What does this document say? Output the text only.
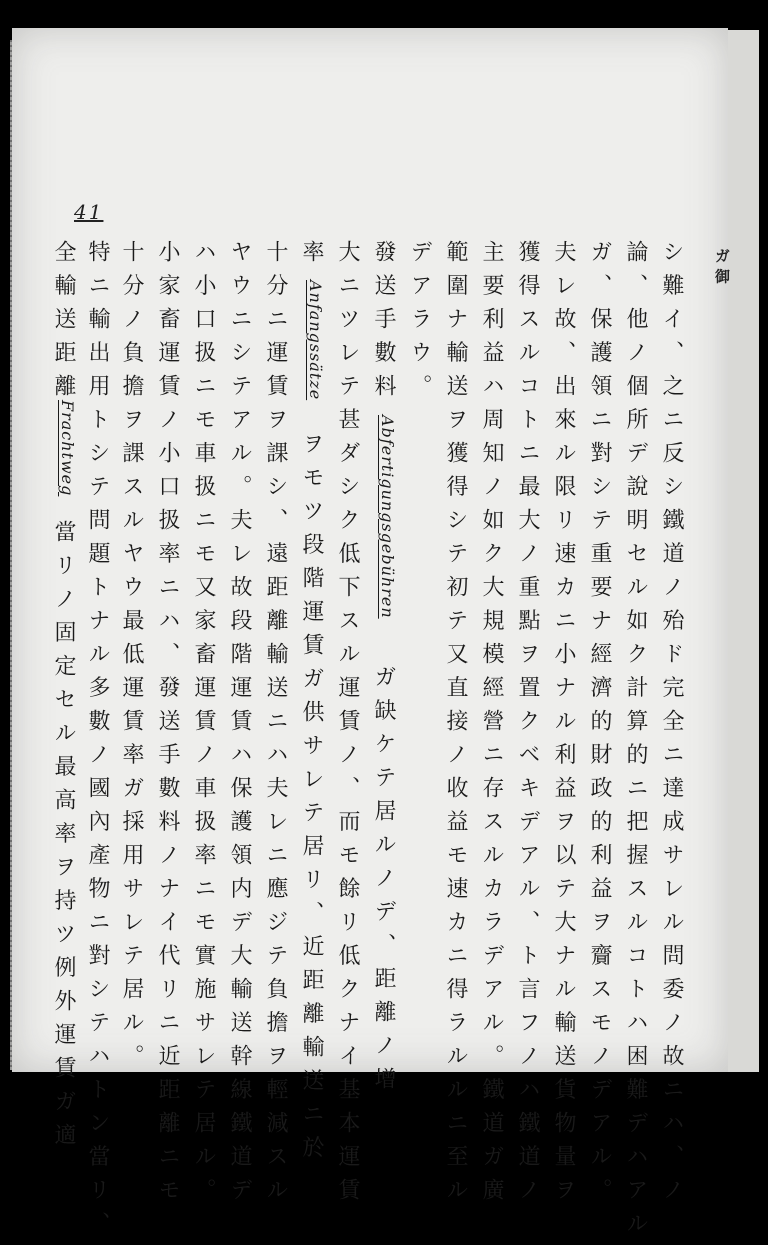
41
ガ 御
シ難イ、之ニ反シ鐵道ノ殆ド完全ニ達成サレル問委ノ故ニハ、ノ
論、他ノ個所デ說明セル如ク計算的ニ把握スルコトハ困難デハアル
ガ、保護領ニ對シテ重要ナ經濟的財政的利益ヲ齎スモノデアル。
夫レ故、出來ル限リ速カニ小ナル利益ヲ以テ大ナル輸送貨物量ヲ
獲得スルコトニ最大ノ重點ヲ置クベキデアル、ト言フノハ鐵道ノ
主要利益ハ周知ノ如ク大規模經營ニ存スルカラデアル。鐵道ガ廣
範圍ナ輸送ヲ獲得シテ初テ又直接ノ收益モ速カニ得ラルルニ至ル
デアラウ。
發送手數料
Abfertigungsgebühren
ガ缺ケテ居ルノデ、距離ノ增
大ニツレテ甚ダシク低下スル運賃ノ、而モ餘リ低クナイ基本運賃
率
Anfangssätze
ヲモツ段階運賃ガ供サレテ居リ、近距離輸送ニ於
十分ニ運賃ヲ課シ、遠距離輸送ニハ夫レニ應ジテ負擔ヲ輕減スル
ヤウニシテアル。夫レ故段階運賃ハ保護領内デ大輸送幹線鐵道デ
ハ小口扱ニモ車扱ニモ又家畜運賃ノ車扱率ニモ實施サレテ居ル。
小家畜運賃ノ小口扱率ニハ、發送手數料ノナイ代リニ近距離ニモ
十分ノ負擔ヲ課スルヤウ最低運賃率ガ採用サレテ居ル。
特ニ輸出用トシテ問題トナル多數ノ國內產物ニ對シテハトン當リ、
全輸送距離
Frachtweg
當リノ固定セル最高率ヲ持ツ例外運賃ガ適
